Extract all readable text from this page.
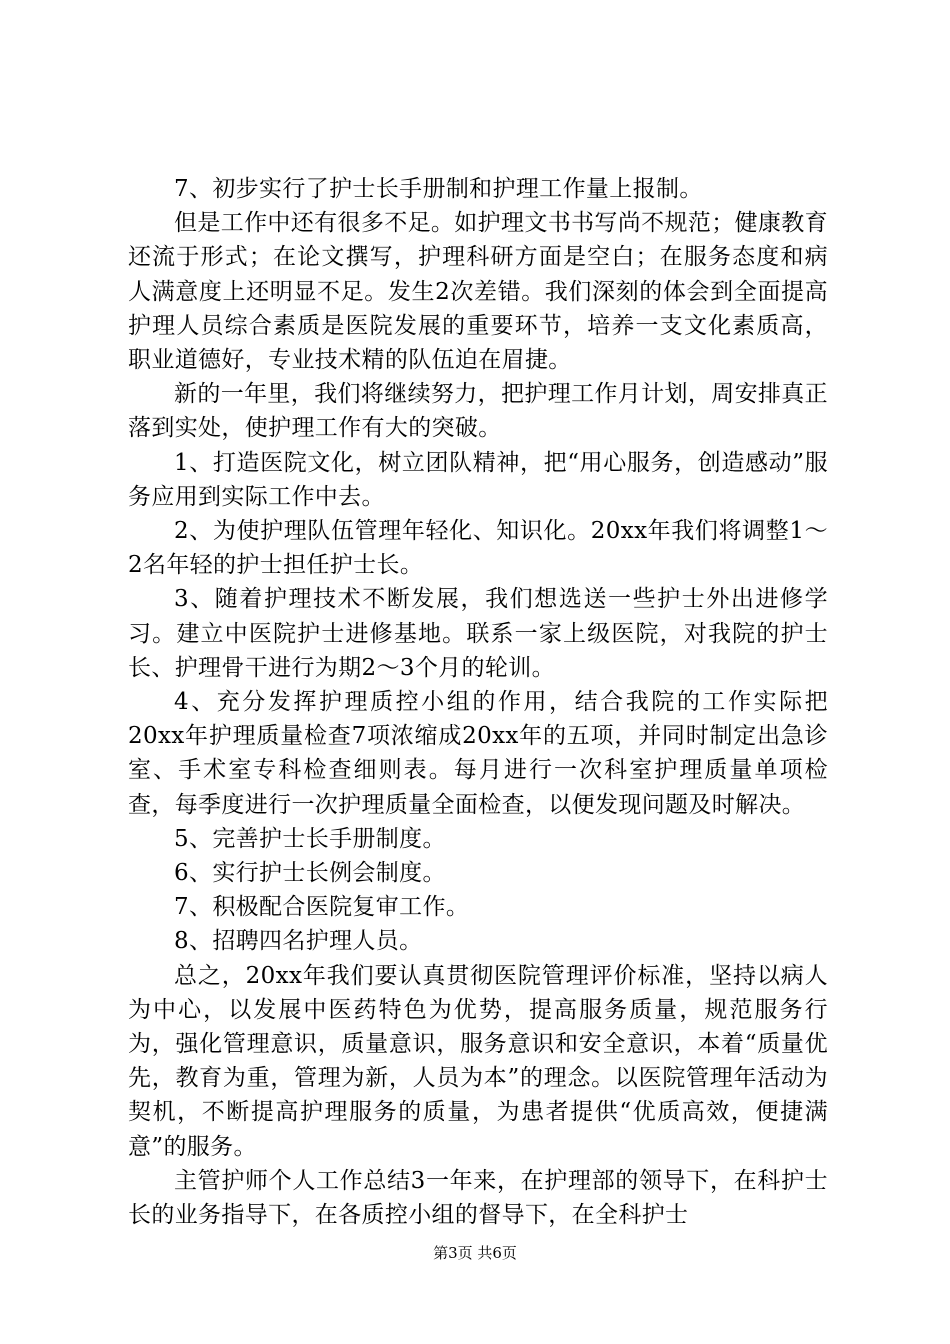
7、初步实行了护士长手册制和护理工作量上报制。

但是工作中还有很多不足。如护理文书书写尚不规范；健康教育还流于形式；在论文撰写，护理科研方面是空白；在服务态度和病人满意度上还明显不足。发生2次差错。我们深刻的体会到全面提高护理人员综合素质是医院发展的重要环节，培养一支文化素质高，职业道德好，专业技术精的队伍迫在眉捷。

新的一年里，我们将继续努力，把护理工作月计划，周安排真正落到实处，使护理工作有大的突破。

1、打造医院文化，树立团队精神，把“用心服务，创造感动”服务应用到实际工作中去。

2、为使护理队伍管理年轻化、知识化。20xx年我们将调整1～2名年轻的护士担任护士长。

3、随着护理技术不断发展，我们想选送一些护士外出进修学习。建立中医院护士进修基地。联系一家上级医院，对我院的护士长、护理骨干进行为期2～3个月的轮训。

4、充分发挥护理质控小组的作用，结合我院的工作实际把20xx年护理质量检查7项浓缩成20xx年的五项，并同时制定出急诊室、手术室专科检查细则表。每月进行一次科室护理质量单项检查，每季度进行一次护理质量全面检查，以便发现问题及时解决。

5、完善护士长手册制度。

6、实行护士长例会制度。

7、积极配合医院复审工作。

8、招聘四名护理人员。

总之，20xx年我们要认真贯彻医院管理评价标准，坚持以病人为中心，以发展中医药特色为优势，提高服务质量，规范服务行为，强化管理意识，质量意识，服务意识和安全意识，本着“质量优先，教育为重，管理为新，人员为本”的理念。以医院管理年活动为契机，不断提高护理服务的质量，为患者提供“优质高效，便捷满意”的服务。

主管护师个人工作总结3一年来，在护理部的领导下，在科护士长的业务指导下，在各质控小组的督导下，在全科护士

第3页 共6页
